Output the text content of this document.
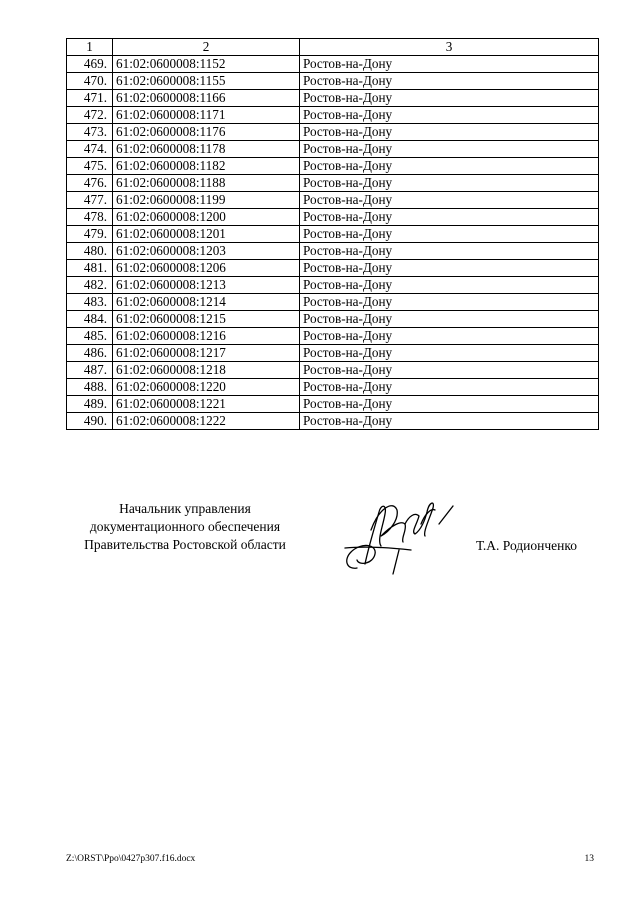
1	2	3
469.	61:02:0600008:1152	Ростов-на-Дону
470.	61:02:0600008:1155	Ростов-на-Дону
471.	61:02:0600008:1166	Ростов-на-Дону
472.	61:02:0600008:1171	Ростов-на-Дону
473.	61:02:0600008:1176	Ростов-на-Дону
474.	61:02:0600008:1178	Ростов-на-Дону
475.	61:02:0600008:1182	Ростов-на-Дону
476.	61:02:0600008:1188	Ростов-на-Дону
477.	61:02:0600008:1199	Ростов-на-Дону
478.	61:02:0600008:1200	Ростов-на-Дону
479.	61:02:0600008:1201	Ростов-на-Дону
480.	61:02:0600008:1203	Ростов-на-Дону
481.	61:02:0600008:1206	Ростов-на-Дону
482.	61:02:0600008:1213	Ростов-на-Дону
483.	61:02:0600008:1214	Ростов-на-Дону
484.	61:02:0600008:1215	Ростов-на-Дону
485.	61:02:0600008:1216	Ростов-на-Дону
486.	61:02:0600008:1217	Ростов-на-Дону
487.	61:02:0600008:1218	Ростов-на-Дону
488.	61:02:0600008:1220	Ростов-на-Дону
489.	61:02:0600008:1221	Ростов-на-Дону
490.	61:02:0600008:1222	Ростов-на-Дону
Начальник управления
документационного обеспечения
Правительства Ростовской области	Т.А. Родионченко
Z:\ORST\Ppo\0427p307.f16.docx	13
